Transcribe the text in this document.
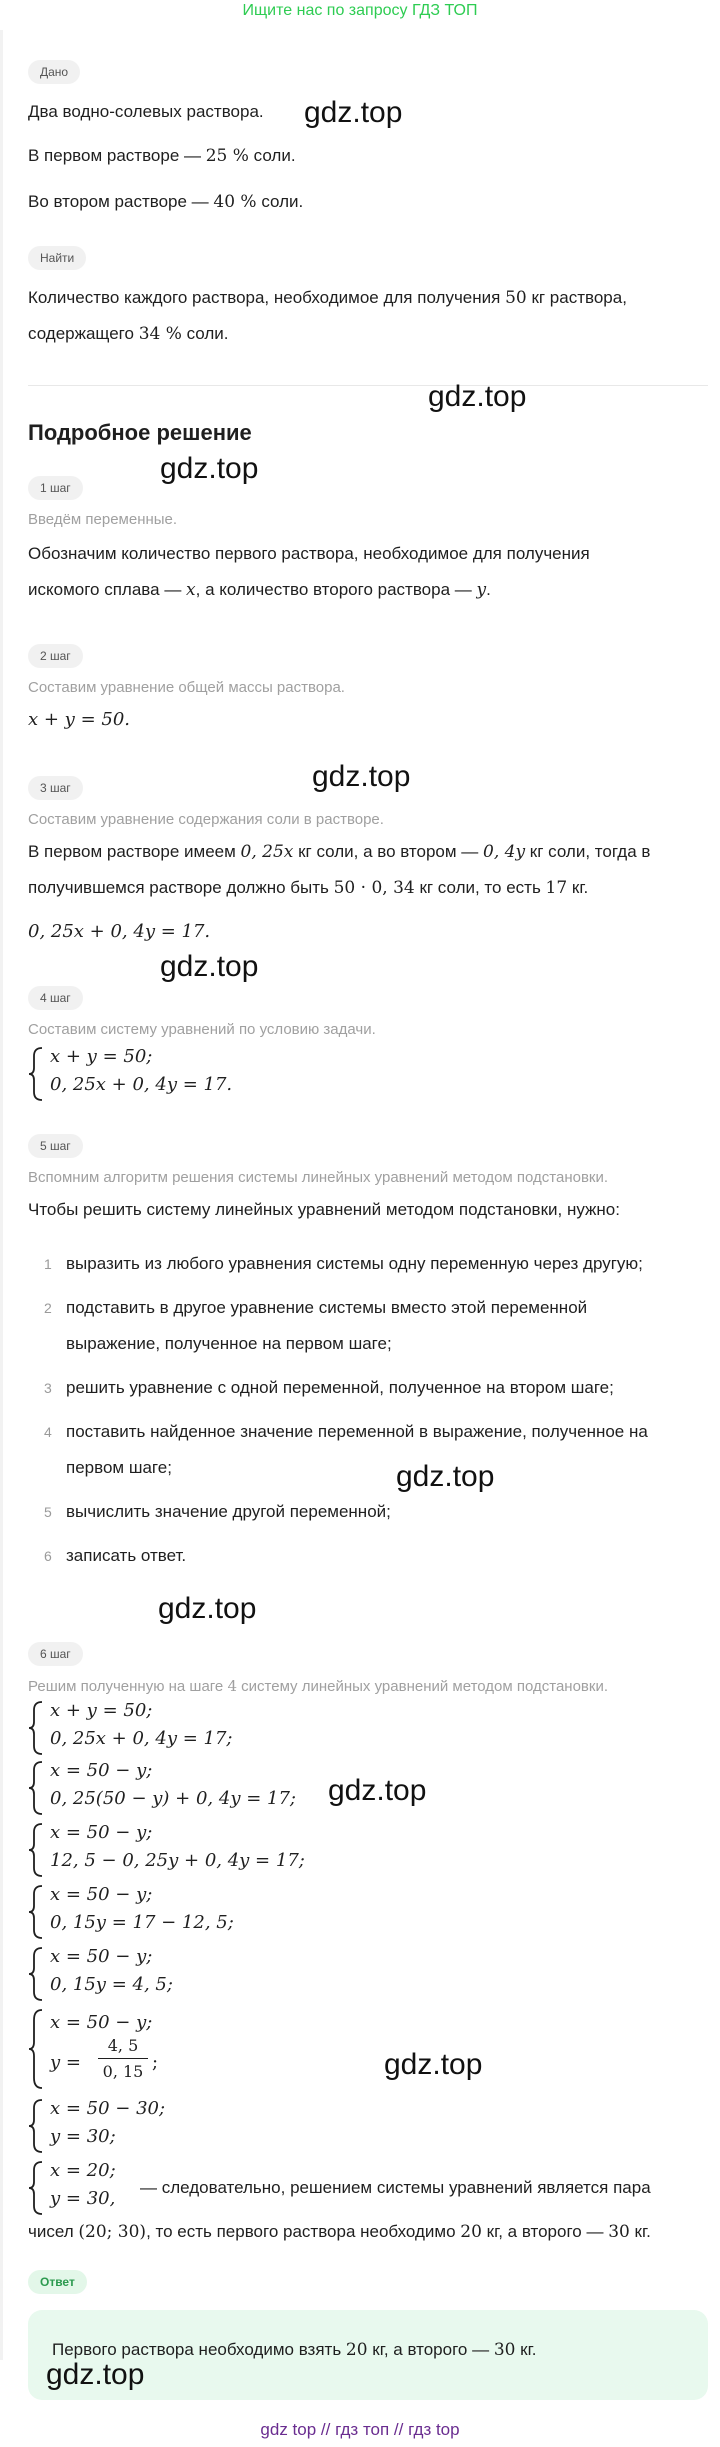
Ищите нас по запросу ГДЗ ТОП
Дано
Два водно-солевых раствора.
В первом растворе — 25 % соли.
Во втором растворе — 40 % соли.
Найти
Количество каждого раствора, необходимое для получения 50 кг раствора,
содержащего 34 % соли.
Подробное решение
1 шаг
Введём переменные.
Обозначим количество первого раствора, необходимое для получения
искомого сплава — x, а количество второго раствора — y.
2 шаг
Составим уравнение общей массы раствора.
x + y = 50.
3 шаг
Составим уравнение содержания соли в растворе.
В первом растворе имеем 0, 25x кг соли, а во втором — 0, 4y кг соли, тогда в
получившемся растворе должно быть 50 · 0, 34 кг соли, то есть 17 кг.
0, 25x + 0, 4y = 17.
4 шаг
Составим систему уравнений по условию задачи.
x + y = 50;
0, 25x + 0, 4y = 17.
5 шаг
Вспомним алгоритм решения системы линейных уравнений методом подстановки.
Чтобы решить систему линейных уравнений методом подстановки, нужно:
1 выразить из любого уравнения системы одну переменную через другую;
2 подставить в другое уравнение системы вместо этой переменной
выражение, полученное на первом шаге;
3 решить уравнение с одной переменной, полученное на втором шаге;
4 поставить найденное значение переменной в выражение, полученное на
первом шаге;
5 вычислить значение другой переменной;
6 записать ответ.
6 шаг
Решим полученную на шаге 4 систему линейных уравнений методом подстановки.
x + y = 50;
0, 25x + 0, 4y = 17;
x = 50 − y;
0, 25(50 − y) + 0, 4y = 17;
x = 50 − y;
12, 5 − 0, 25y + 0, 4y = 17;
x = 50 − y;
0, 15y = 17 − 12, 5;
x = 50 − y;
0, 15y = 4, 5;
x = 50 − y;
y =
4, 5
0, 15 ;
x = 50 − 30;
y = 30;
x = 20;
y = 30,
— следовательно, решением системы уравнений является пара
чисел (20; 30), то есть первого раствора необходимо 20 кг, а второго — 30 кг.
Ответ
Первого раствора необходимо взять 20 кг, а второго — 30 кг.
gdz.top
gdz.top
gdz.top
gdz.top
gdz.top
gdz.top
gdz.top
gdz.top
gdz.top
gdz.top
gdz top // гдз топ // гдз top
